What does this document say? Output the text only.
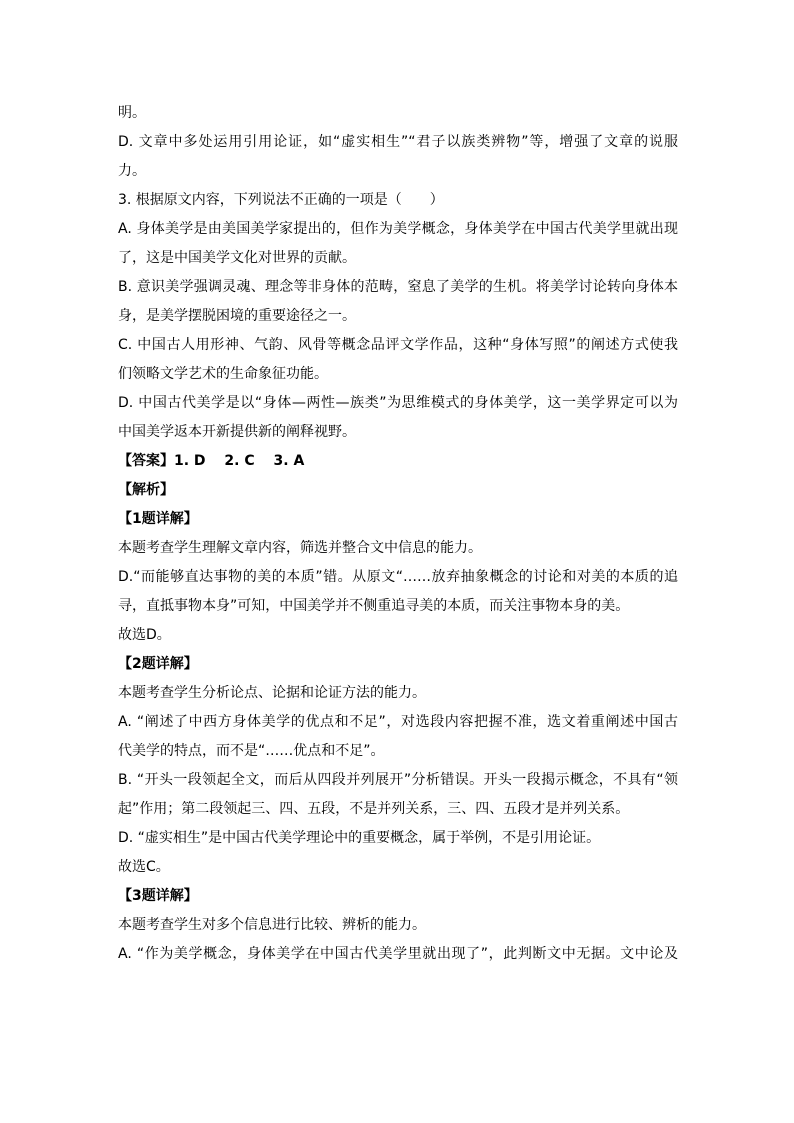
明。
D. 文章中多处运用引用论证，如“虚实相生”“君子以族类辨物”等，增强了文章的说服
力。
3. 根据原文内容，下列说法不正确的一项是（　　）
A. 身体美学是由美国美学家提出的，但作为美学概念，身体美学在中国古代美学里就出现
了，这是中国美学文化对世界的贡献。
B. 意识美学强调灵魂、理念等非身体的范畴，窒息了美学的生机。将美学讨论转向身体本
身，是美学摆脱困境的重要途径之一。
C. 中国古人用形神、气韵、风骨等概念品评文学作品，这种“身体写照”的阐述方式使我
们领略文学艺术的生命象征功能。
D. 中国古代美学是以“身体—两性—族类”为思维模式的身体美学，这一美学界定可以为
中国美学返本开新提供新的阐释视野。
【答案】1. D　 2. C　 3. A
【解析】
【1题详解】
本题考查学生理解文章内容，筛选并整合文中信息的能力。
D.“而能够直达事物的美的本质”错。从原文“……放弃抽象概念的讨论和对美的本质的追
寻，直抵事物本身”可知，中国美学并不侧重追寻美的本质，而关注事物本身的美。
故选D。
【2题详解】
本题考查学生分析论点、论据和论证方法的能力。
A. “阐述了中西方身体美学的优点和不足”，对选段内容把握不准，选文着重阐述中国古
代美学的特点，而不是“……优点和不足”。
B. “开头一段领起全文，而后从四段并列展开”分析错误。开头一段揭示概念，不具有“领
起”作用；第二段领起三、四、五段，不是并列关系，三、四、五段才是并列关系。
D. “虚实相生”是中国古代美学理论中的重要概念，属于举例，不是引用论证。
故选C。
【3题详解】
本题考查学生对多个信息进行比较、辨析的能力。
A. “作为美学概念，身体美学在中国古代美学里就出现了”，此判断文中无据。文中论及
